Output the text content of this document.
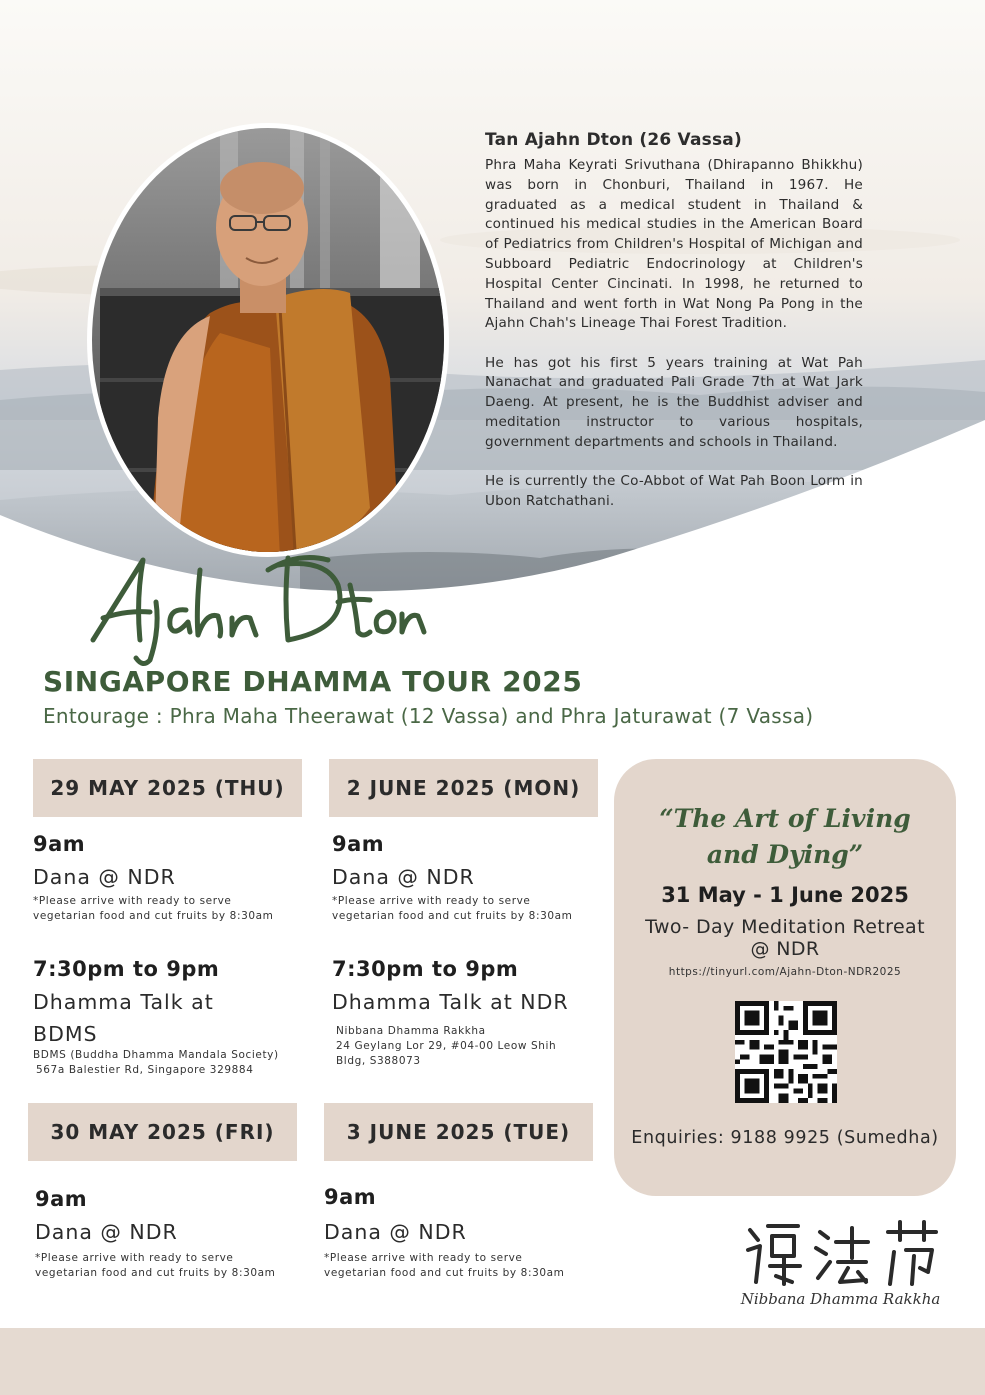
Tan Ajahn Dton (26 Vassa)

Phra Maha Keyrati Srivuthana (Dhirapanno Bhikkhu) was born in Chonburi, Thailand in 1967. He graduated as a medical student in Thailand & continued his medical studies in the American Board of Pediatrics from Children's Hospital of Michigan and Subboard Pediatric Endocrinology at Children's Hospital Center Cincinati. In 1998, he returned to Thailand and went forth in Wat Nong Pa Pong in the Ajahn Chah's Lineage Thai Forest Tradition.

He has got his first 5 years training at Wat Pah Nanachat and graduated Pali Grade 7th at Wat Jark Daeng. At present, he is the Buddhist adviser and meditation instructor to various hospitals, government departments and schools in Thailand.

He is currently the Co-Abbot of Wat Pah Boon Lorm in Ubon Ratchathani.

SINGAPORE DHAMMA TOUR 2025
Entourage : Phra Maha Theerawat (12 Vassa) and Phra Jaturawat (7 Vassa)
29 MAY 2025 (THU)
9am
Dana @ NDR
*Please arrive with ready to serve
vegetarian food and cut fruits by 8:30am
7:30pm to 9pm
Dhamma Talk at
BDMS
BDMS (Buddha Dhamma Mandala Society)
567a Balestier Rd, Singapore 329884
2 JUNE 2025 (MON)
9am
Dana @ NDR
*Please arrive with ready to serve
vegetarian food and cut fruits by 8:30am
7:30pm to 9pm
Dhamma Talk at NDR
Nibbana Dhamma Rakkha
24 Geylang Lor 29, #04-00 Leow Shih
Bldg, S388073
30 MAY 2025 (FRI)
9am
Dana @ NDR
*Please arrive with ready to serve
vegetarian food and cut fruits by 8:30am
3 JUNE 2025 (TUE)
9am
Dana @ NDR
*Please arrive with ready to serve
vegetarian food and cut fruits by 8:30am
“The Art of Living
and Dying”
31 May - 1 June 2025
Two- Day Meditation Retreat
@ NDR
https://tinyurl.com/Ajahn-Dton-NDR2025
Enquiries: 9188 9925 (Sumedha)
Nibbana Dhamma Rakkha
